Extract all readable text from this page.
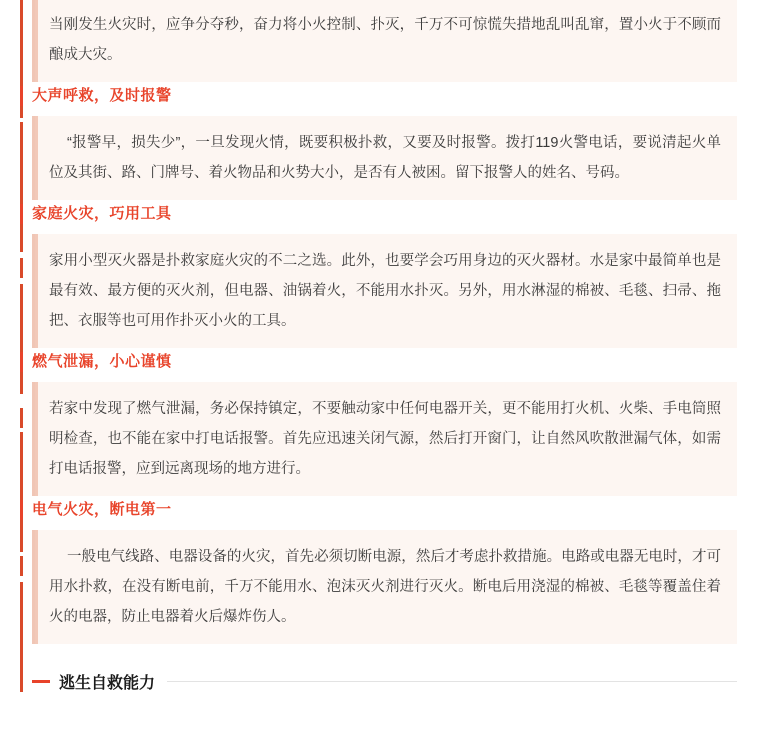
当刚发生火灾时，应争分夺秒，奋力将小火控制、扑灭，千万不可惊慌失措地乱叫乱窜，置小火于不顾而酿成大灾。

大声呼救，及时报警

“报警早，损失少”，一旦发现火情，既要积极扑救，又要及时报警。拨打119火警电话，要说清起火单位及其街、路、门牌号、着火物品和火势大小，是否有人被困。留下报警人的姓名、号码。

家庭火灾，巧用工具

家用小型灭火器是扑救家庭火灾的不二之选。此外，也要学会巧用身边的灭火器材。水是家中最简单也是最有效、最方便的灭火剂，但电器、油锅着火，不能用水扑灭。另外，用水淋湿的棉被、毛毯、扫帚、拖把、衣服等也可用作扑灭小火的工具。

燃气泄漏，小心谨慎

若家中发现了燃气泄漏，务必保持镇定，不要触动家中任何电器开关，更不能用打火机、火柴、手电筒照明检查，也不能在家中打电话报警。首先应迅速关闭气源，然后打开窗门，让自然风吹散泄漏气体，如需打电话报警，应到远离现场的地方进行。

电气火灾，断电第一

一般电气线路、电器设备的火灾，首先必须切断电源，然后才考虑扑救措施。电路或电器无电时，才可用水扑救，在没有断电前，千万不能用水、泡沫灭火剂进行灭火。断电后用浇湿的棉被、毛毯等覆盖住着火的电器，防止电器着火后爆炸伤人。

逃生自救能力
